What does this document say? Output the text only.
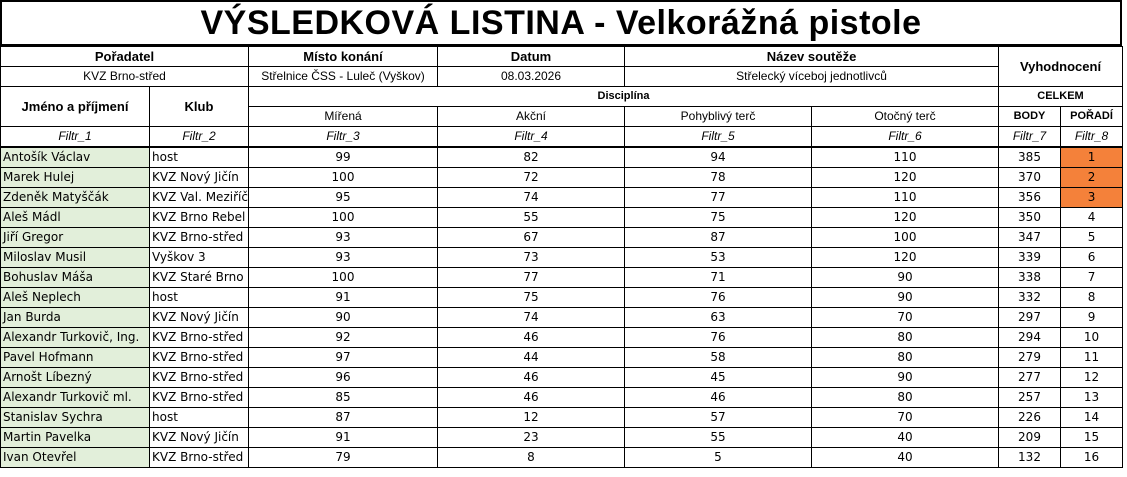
VÝSLEDKOVÁ LISTINA - Velkorážná pistole
Pořadatel		Místo konání	Datum	Název soutěže		Vyhodnocení	
KVZ Brno-střed		Střelnice ČSS - Luleč (Vyškov)	08.03.2026	Střelecký víceboj jednotlivců			
Jméno a příjmení	Klub	Disciplína				CELKEM	
		Mířená	Akční	Pohyblivý terč	Otočný terč	BODY	POŘADÍ
Filtr_1	Filtr_2	Filtr_3	Filtr_4	Filtr_5	Filtr_6	Filtr_7	Filtr_8
Antošík Václav	host	99	82	94	110	385	1
Marek Hulej	KVZ Nový Jičín	100	72	78	120	370	2
Zdeněk Matyščák	KVZ Val. Meziříč	95	74	77	110	356	3
Aleš Mádl	KVZ Brno Rebel	100	55	75	120	350	4
Jiří Gregor	KVZ Brno-střed	93	67	87	100	347	5
Miloslav Musil	Vyškov 3	93	73	53	120	339	6
Bohuslav Máša	KVZ Staré Brno	100	77	71	90	338	7
Aleš Neplech	host	91	75	76	90	332	8
Jan Burda	KVZ Nový Jičín	90	74	63	70	297	9
Alexandr Turkovič, Ing.	KVZ Brno-střed	92	46	76	80	294	10
Pavel Hofmann	KVZ Brno-střed	97	44	58	80	279	11
Arnošt Líbezný	KVZ Brno-střed	96	46	45	90	277	12
Alexandr Turkovič ml.	KVZ Brno-střed	85	46	46	80	257	13
Stanislav Sychra	host	87	12	57	70	226	14
Martin Pavelka	KVZ Nový Jičín	91	23	55	40	209	15
Ivan Otevřel	KVZ Brno-střed	79	8	5	40	132	16
